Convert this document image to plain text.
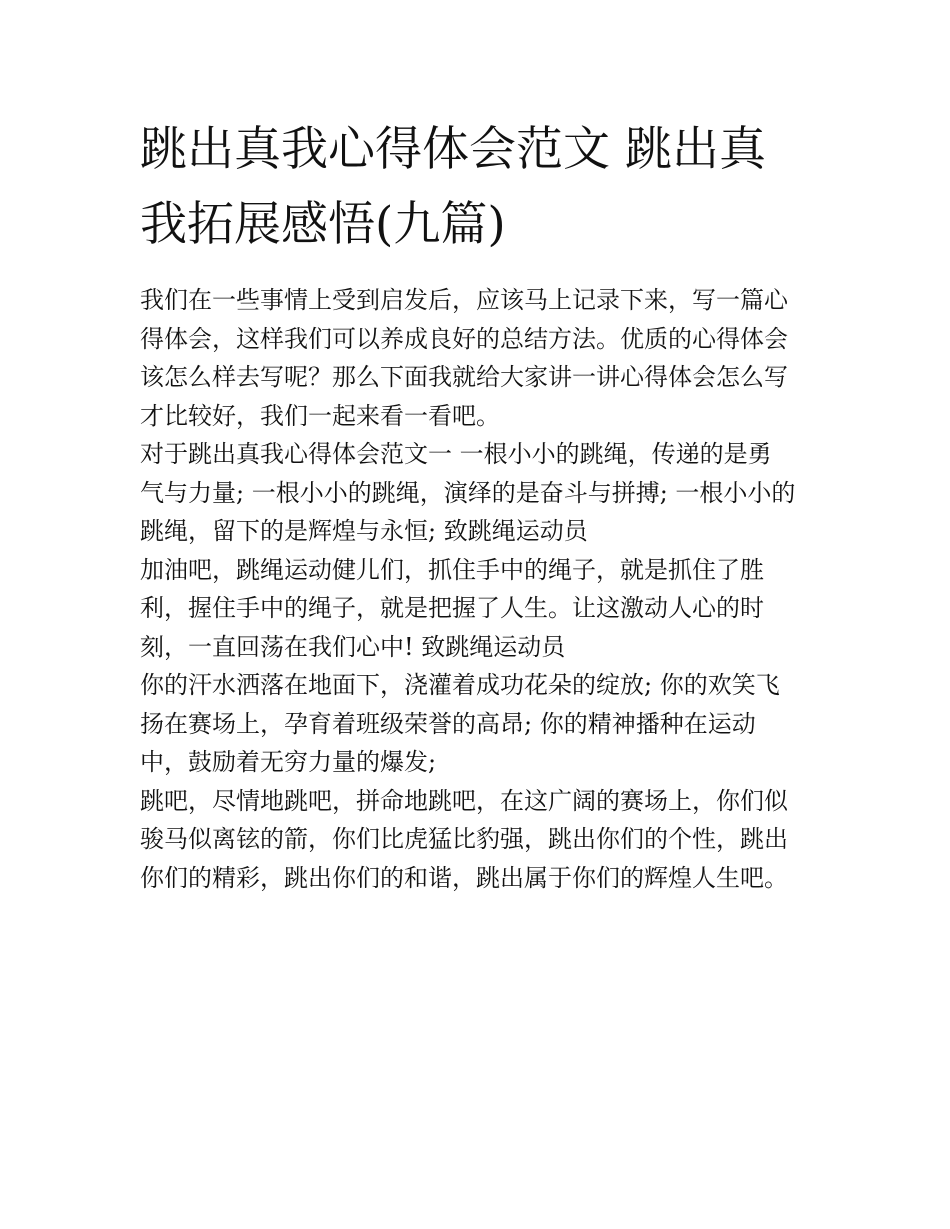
跳出真我心得体会范文 跳出真
我拓展感悟(九篇)

我们在一些事情上受到启发后，应该马上记录下来，写一篇心
得体会，这样我们可以养成良好的总结方法。优质的心得体会
该怎么样去写呢？那么下面我就给大家讲一讲心得体会怎么写
才比较好，我们一起来看一看吧。

对于跳出真我心得体会范文一 一根小小的跳绳，传递的是勇
气与力量; 一根小小的跳绳，演绎的是奋斗与拼搏; 一根小小的
跳绳，留下的是辉煌与永恒; 致跳绳运动员

加油吧，跳绳运动健儿们，抓住手中的绳子，就是抓住了胜
利，握住手中的绳子，就是把握了人生。让这激动人心的时
刻，一直回荡在我们心中! 致跳绳运动员

你的汗水洒落在地面下，浇灌着成功花朵的绽放; 你的欢笑飞
扬在赛场上，孕育着班级荣誉的高昂; 你的精神播种在运动
中，鼓励着无穷力量的爆发;

跳吧，尽情地跳吧，拼命地跳吧，在这广阔的赛场上，你们似
骏马似离铉的箭，你们比虎猛比豹强，跳出你们的个性，跳出
你们的精彩，跳出你们的和谐，跳出属于你们的辉煌人生吧。
